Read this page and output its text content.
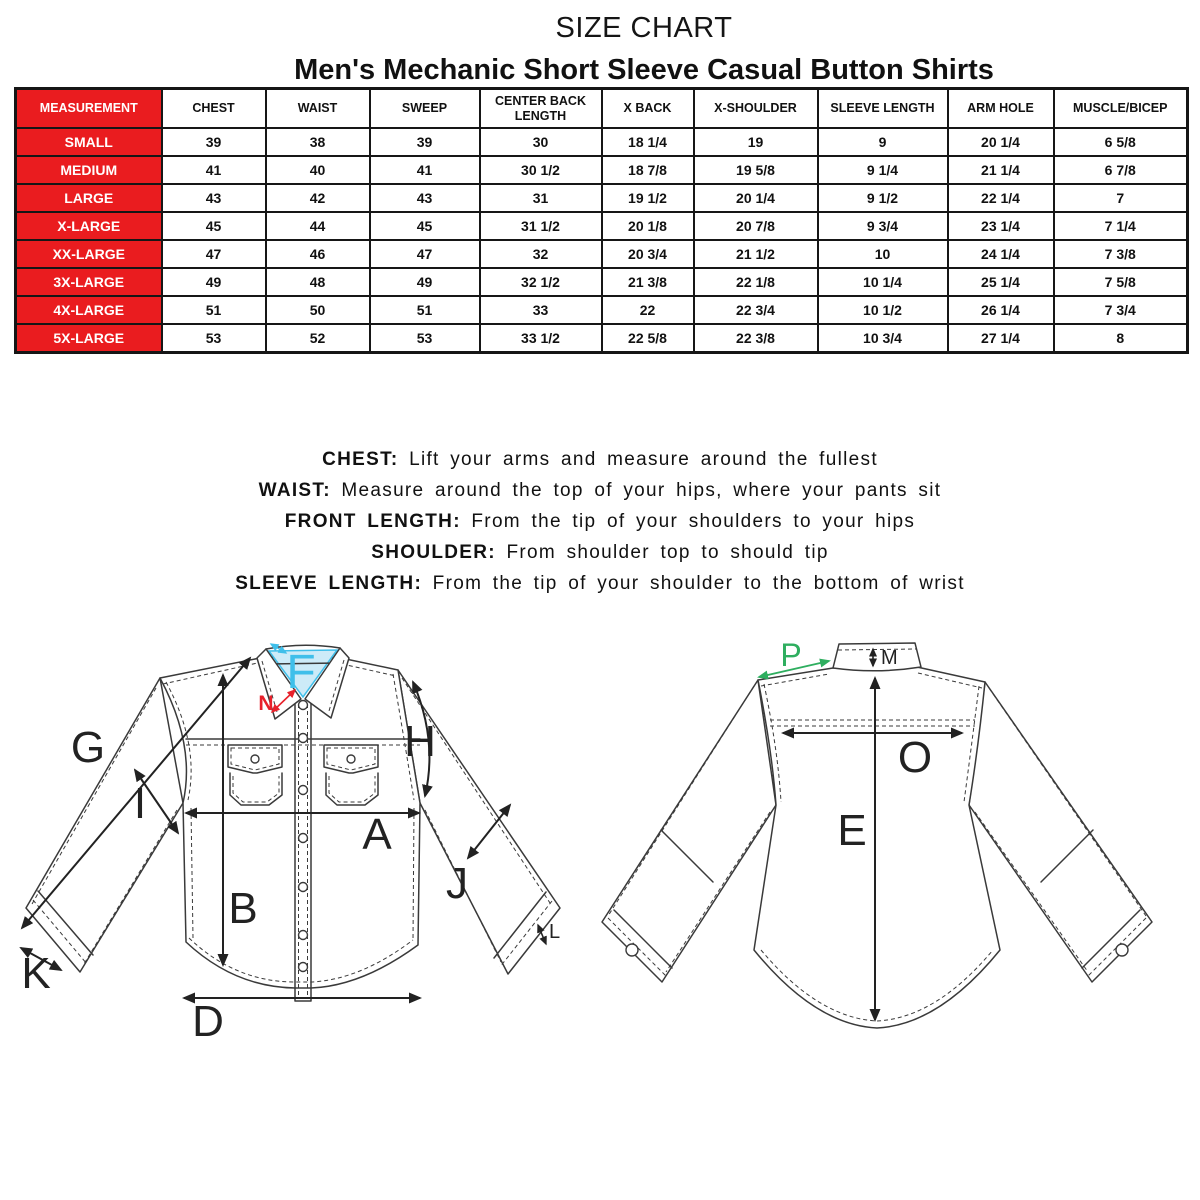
SIZE CHART
Men's Mechanic Short Sleeve Casual Button Shirts
MEASUREMENT	CHEST	WAIST	SWEEP	CENTER BACK LENGTH	X BACK	X-SHOULDER	SLEEVE LENGTH	ARM HOLE	MUSCLE/BICEP
SMALL	39	38	39	30	18 1/4	19	9	20 1/4	6 5/8
MEDIUM	41	40	41	30 1/2	18 7/8	19 5/8	9 1/4	21 1/4	6 7/8
LARGE	43	42	43	31	19 1/2	20 1/4	9 1/2	22 1/4	7
X-LARGE	45	44	45	31 1/2	20 1/8	20 7/8	9 3/4	23 1/4	7 1/4
XX-LARGE	47	46	47	32	20 3/4	21 1/2	10	24 1/4	7 3/8
3X-LARGE	49	48	49	32 1/2	21 3/8	22 1/8	10 1/4	25 1/4	7 5/8
4X-LARGE	51	50	51	33	22	22 3/4	10 1/2	26 1/4	7 3/4
5X-LARGE	53	52	53	33 1/2	22 5/8	22 3/8	10 3/4	27 1/4	8
CHEST: Lift your arms and measure around the fullest
WAIST: Measure around the top of your hips, where your pants sit
FRONT LENGTH: From the tip of your shoulders to your hips
SHOULDER: From shoulder top to should tip
SLEEVE LENGTH: From the tip of your shoulder to the bottom of wrist
F
N
G
I
H
A
B
J
K
L
D
P	M
O
E
